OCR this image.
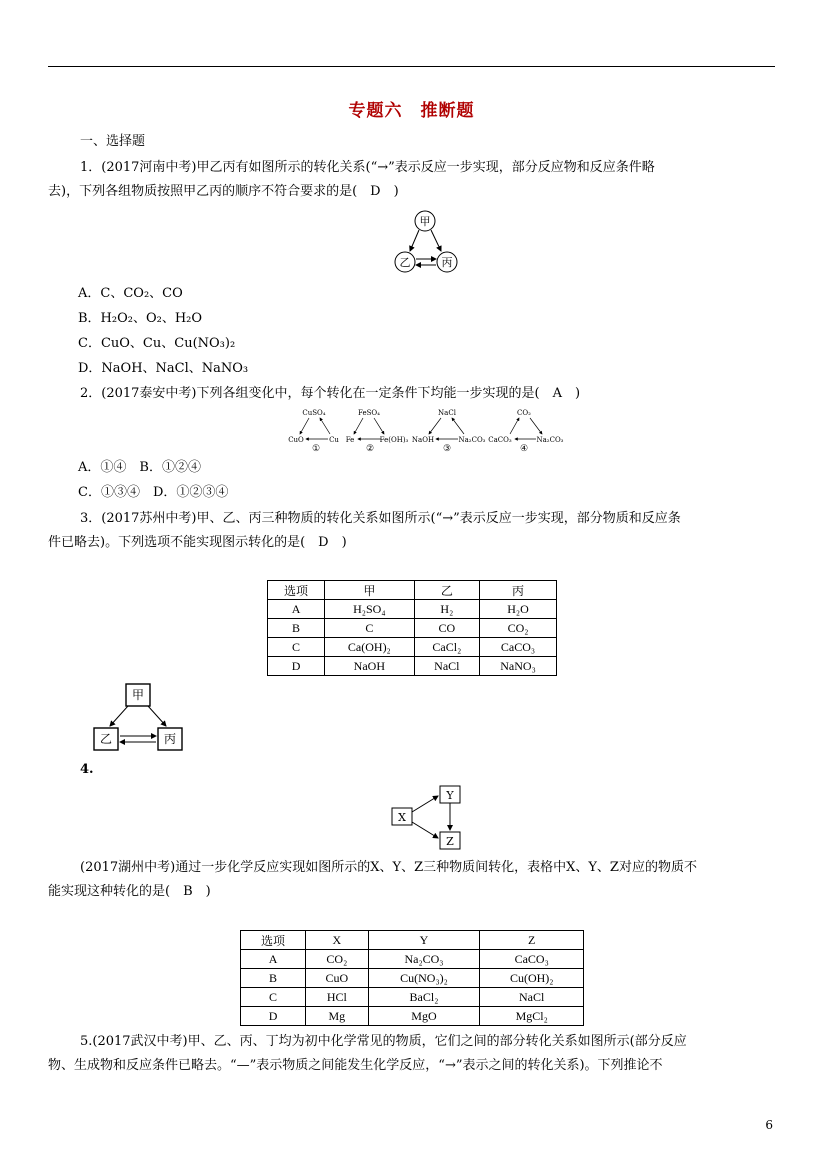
专题六　推断题
一、选择题
1．(2017河南中考)甲乙丙有如图所示的转化关系(“→”表示反应一步实现，部分反应物和反应条件略
去)，下列各组物质按照甲乙丙的顺序不符合要求的是(　D　)
甲
乙	丙
A．C、CO₂、CO
B．H₂O₂、O₂、H₂O
C．CuO、Cu、Cu(NO₃)₂
D．NaOH、NaCl、NaNO₃
2．(2017泰安中考)下列各组变化中，每个转化在一定条件下均能一步实现的是(　A　)
CuSO₄
CuO	Cu
①
FeSO₄
Fe	Fe(OH)₃
②
NaCl
NaOH	Na₂CO₃
③
CO₂
CaCO₃	Na₂CO₃
④
A．①④　B．①②④
C．①③④　D．①②③④
3．(2017苏州中考)甲、乙、丙三种物质的转化关系如图所示(“→”表示反应一步实现，部分物质和反应条
件已略去)。下列选项不能实现图示转化的是(　D　)
选项	甲	乙	丙
A	H₂SO₄	H₂	H₂O
B	C	CO	CO₂
C	Ca(OH)₂	CaCl₂	CaCO₃
D	NaOH	NaCl	NaNO₃
甲
乙	丙
4.
X
Y
Z
(2017湖州中考)通过一步化学反应实现如图所示的X、Y、Z三种物质间转化，表格中X、Y、Z对应的物质不
能实现这种转化的是(　B　)
选项	X	Y	Z
A	CO₂	Na₂CO₃	CaCO₃
B	CuO	Cu(NO₃)₂	Cu(OH)₂
C	HCl	BaCl₂	NaCl
D	Mg	MgO	MgCl₂
5.(2017武汉中考)甲、乙、丙、丁均为初中化学常见的物质，它们之间的部分转化关系如图所示(部分反应
物、生成物和反应条件已略去。“—”表示物质之间能发生化学反应，“→”表示之间的转化关系)。下列推论不
6
